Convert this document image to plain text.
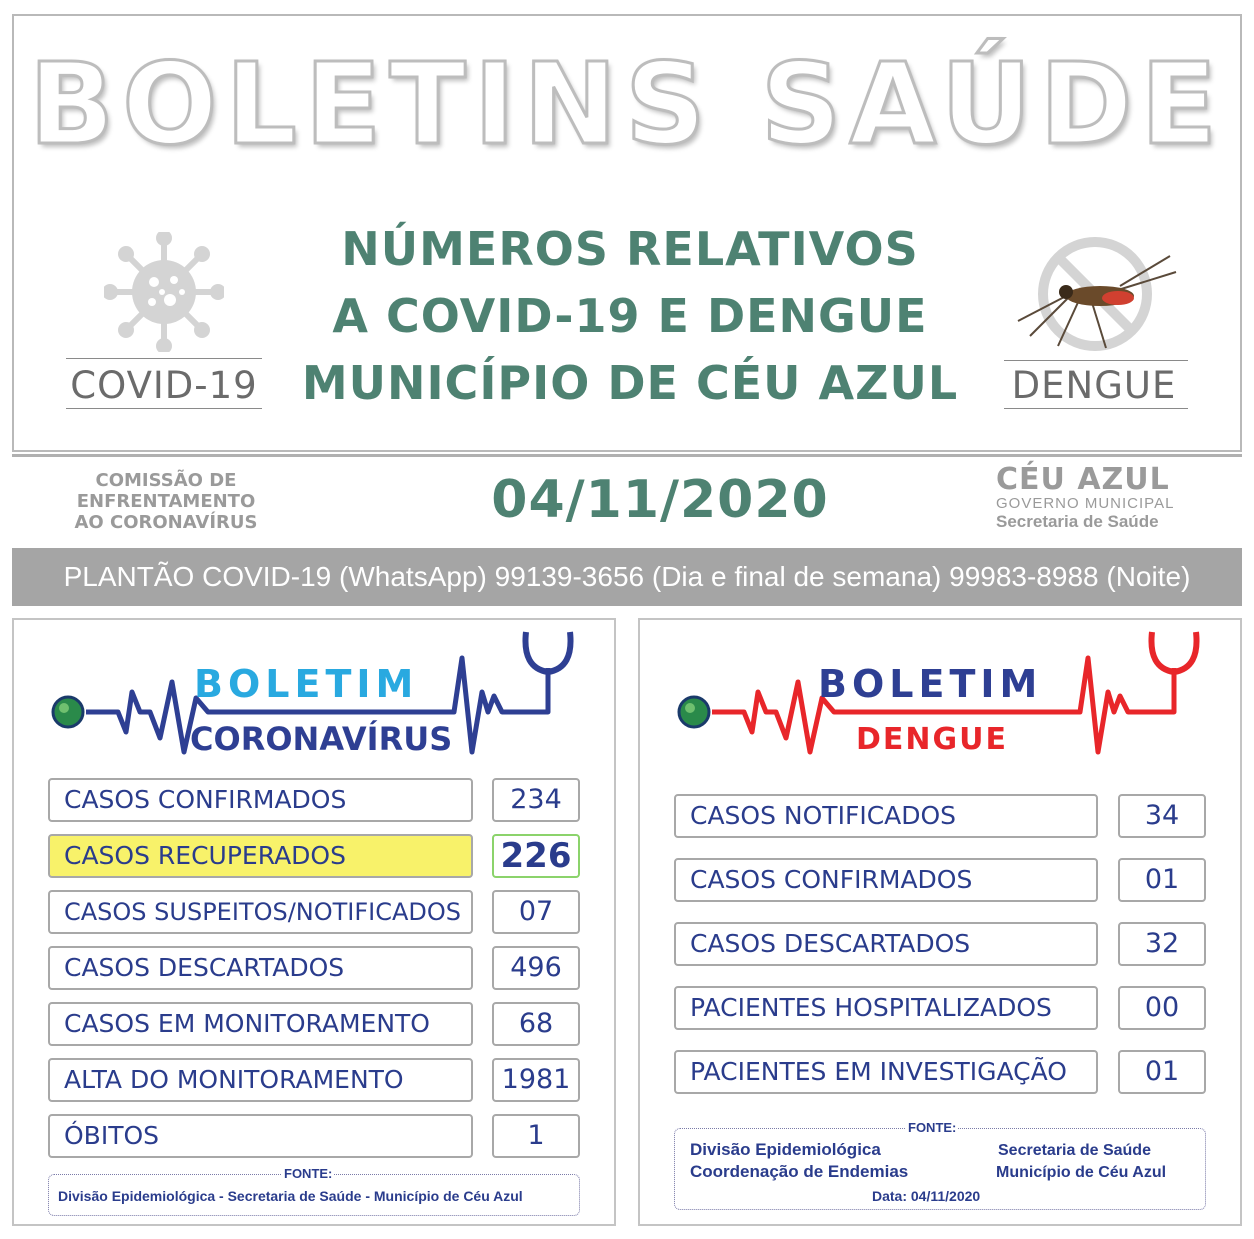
BOLETINS SAÚDE
COVID-19
NÚMEROS RELATIVOS
A COVID-19 E DENGUE
MUNICÍPIO DE CÉU AZUL	DENGUE
COMISSÃO DE
ENFRENTAMENTO
AO CORONAVÍRUS	04/11/2020	CÉU AZUL
GOVERNO MUNICIPAL
Secretaria de Saúde
PLANTÃO COVID-19 (WhatsApp) 99139-3656 (Dia e final de semana) 99983-8988 (Noite)
BOLETIM
CORONAVÍRUS
CASOS CONFIRMADOS	234
CASOS RECUPERADOS	226
CASOS SUSPEITOS/NOTIFICADOS	07
CASOS DESCARTADOS	496
CASOS EM MONITORAMENTO	68
ALTA DO MONITORAMENTO	1981
ÓBITOS	1
FONTE:
Divisão Epidemiológica - Secretaria de Saúde - Município de Céu Azul
BOLETIM
DENGUE
CASOS NOTIFICADOS	34
CASOS CONFIRMADOS	01
CASOS DESCARTADOS	32
PACIENTES HOSPITALIZADOS	00
PACIENTES EM INVESTIGAÇÃO	01
FONTE:
Divisão Epidemiológica
Coordenação de Endemias
Secretaria de Saúde
Município de Céu Azul
Data: 04/11/2020
